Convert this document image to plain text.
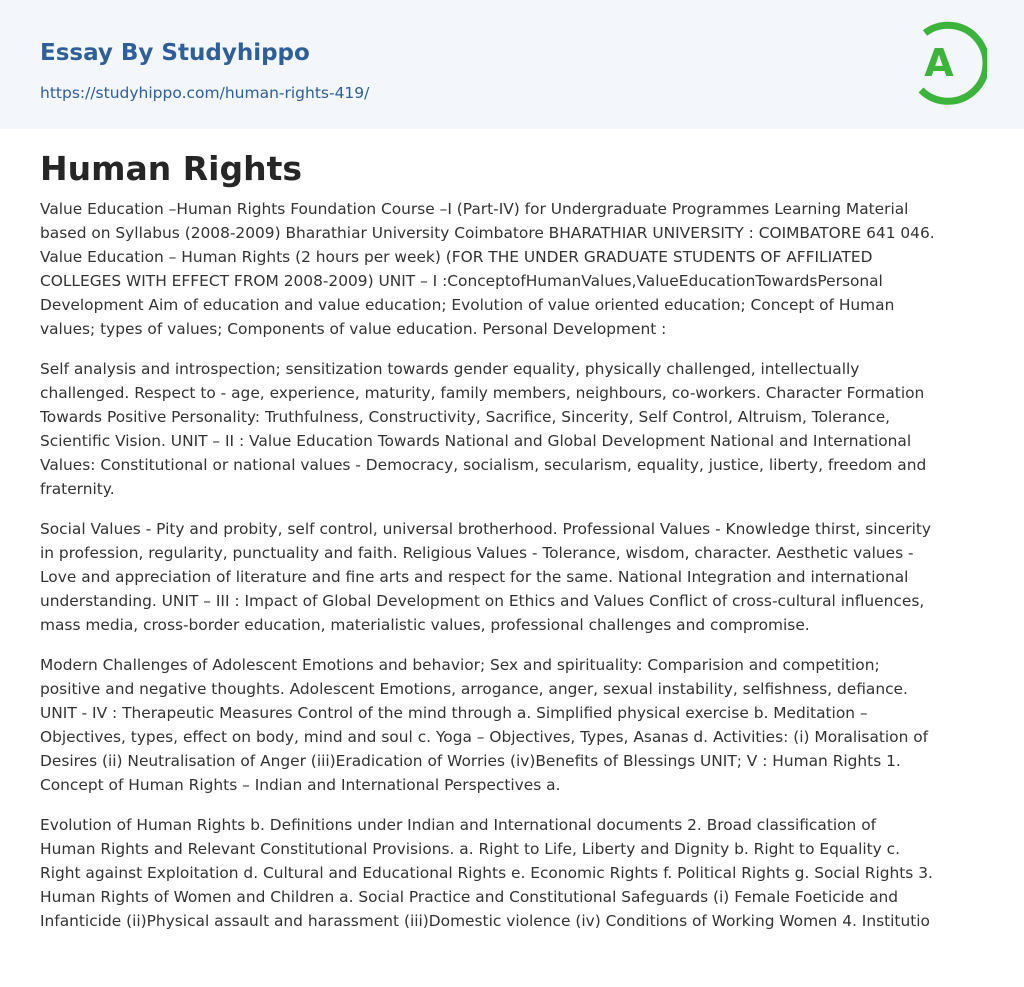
Essay By Studyhippo
https://studyhippo.com/human-rights-419/
A
Human Rights

Value Education –Human Rights Foundation Course –I (Part-IV) for Undergraduate Programmes Learning Material
based on Syllabus (2008-2009) Bharathiar University Coimbatore BHARATHIAR UNIVERSITY : COIMBATORE 641 046.
Value Education – Human Rights (2 hours per week) (FOR THE UNDER GRADUATE STUDENTS OF AFFILIATED
COLLEGES WITH EFFECT FROM 2008-2009) UNIT – I :ConceptofHumanValues,ValueEducationTowardsPersonal
Development Aim of education and value education; Evolution of value oriented education; Concept of Human
values; types of values; Components of value education. Personal Development :

Self analysis and introspection; sensitization towards gender equality, physically challenged, intellectually
challenged. Respect to - age, experience, maturity, family members, neighbours, co-workers. Character Formation
Towards Positive Personality: Truthfulness, Constructivity, Sacrifice, Sincerity, Self Control, Altruism, Tolerance,
Scientific Vision. UNIT – II : Value Education Towards National and Global Development National and International
Values: Constitutional or national values - Democracy, socialism, secularism, equality, justice, liberty, freedom and
fraternity.

Social Values - Pity and probity, self control, universal brotherhood. Professional Values - Knowledge thirst, sincerity
in profession, regularity, punctuality and faith. Religious Values - Tolerance, wisdom, character. Aesthetic values -
Love and appreciation of literature and fine arts and respect for the same. National Integration and international
understanding. UNIT – III : Impact of Global Development on Ethics and Values Conflict of cross-cultural influences,
mass media, cross-border education, materialistic values, professional challenges and compromise.

Modern Challenges of Adolescent Emotions and behavior; Sex and spirituality: Comparision and competition;
positive and negative thoughts. Adolescent Emotions, arrogance, anger, sexual instability, selfishness, defiance.
UNIT - IV : Therapeutic Measures Control of the mind through a. Simplified physical exercise b. Meditation –
Objectives, types, effect on body, mind and soul c. Yoga – Objectives, Types, Asanas d. Activities: (i) Moralisation of
Desires (ii) Neutralisation of Anger (iii)Eradication of Worries (iv)Benefits of Blessings UNIT; V : Human Rights 1.
Concept of Human Rights – Indian and International Perspectives a.

Evolution of Human Rights b. Definitions under Indian and International documents 2. Broad classification of
Human Rights and Relevant Constitutional Provisions. a. Right to Life, Liberty and Dignity b. Right to Equality c.
Right against Exploitation d. Cultural and Educational Rights e. Economic Rights f. Political Rights g. Social Rights 3.
Human Rights of Women and Children a. Social Practice and Constitutional Safeguards (i) Female Foeticide and
Infanticide (ii)Physical assault and harassment (iii)Domestic violence (iv) Conditions of Working Women 4. Institutio
